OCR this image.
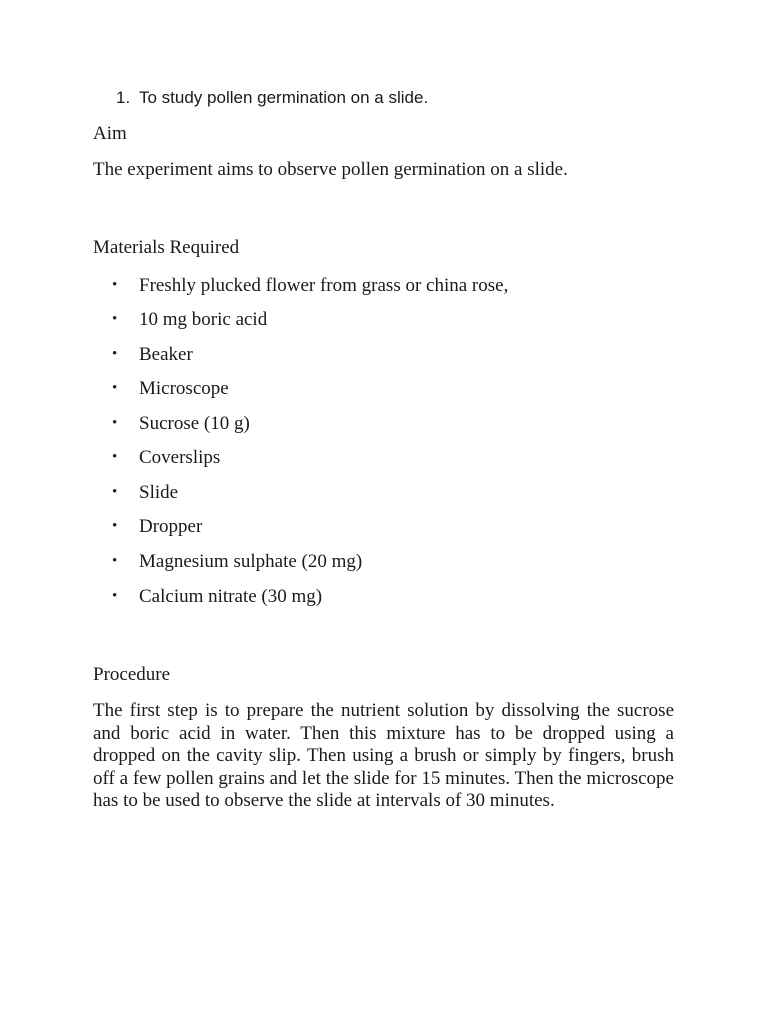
1. To study pollen germination on a slide.
Aim
The experiment aims to observe pollen germination on a slide.
Materials Required
•	Freshly plucked flower from grass or china rose,
•	10 mg boric acid
•	Beaker
•	Microscope
•	Sucrose (10 g)
•	Coverslips
•	Slide
•	Dropper
•	Magnesium sulphate (20 mg)
•	Calcium nitrate (30 mg)
Procedure

The first step is to prepare the nutrient solution by dissolving the sucrose and boric acid in water. Then this mixture has to be dropped using a dropped on the cavity slip. Then using a brush or simply by fingers, brush off a few pollen grains and let the slide for 15 minutes. Then the microscope has to be used to observe the slide at intervals of 30 minutes.
